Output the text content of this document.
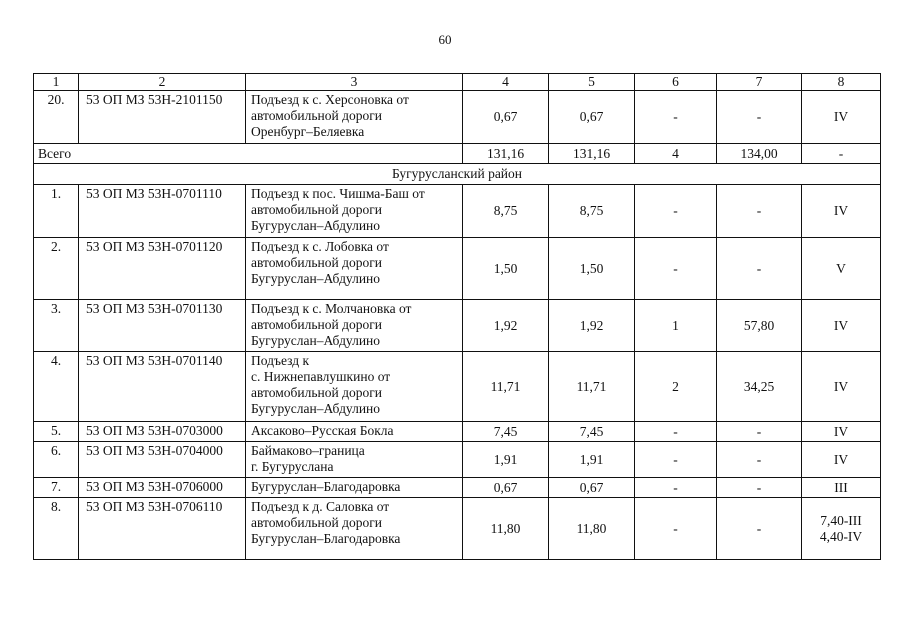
60
1	2	3	4	5	6	7	8
20.	53 ОП МЗ 53Н-2101150	Подъезд к с. Херсоновка от
автомобильной дороги
Оренбург–Беляевка	0,67	0,67	-	-	IV
Всего			131,16	131,16	4	134,00	-
Бугурусланский район							
1.	53 ОП МЗ 53Н-0701110	Подъезд к пос. Чишма-Баш от
автомобильной дороги
Бугуруслан–Абдулино	8,75	8,75	-	-	IV
2.	53 ОП МЗ 53Н-0701120	Подъезд к с. Лобовка от
автомобильной дороги
Бугуруслан–Абдулино	1,50	1,50	-	-	V
3.	53 ОП МЗ 53Н-0701130	Подъезд к с. Молчановка от
автомобильной дороги
Бугуруслан–Абдулино	1,92	1,92	1	57,80	IV
4.	53 ОП МЗ 53Н-0701140	Подъезд к
с. Нижнепавлушкино от
автомобильной дороги
Бугуруслан–Абдулино	11,71	11,71	2	34,25	IV
5.	53 ОП МЗ 53Н-0703000	Аксаково–Русская Бокла	7,45	7,45	-	-	IV
6.	53 ОП МЗ 53Н-0704000	Баймаково–граница
г. Бугуруслана	1,91	1,91	-	-	IV
7.	53 ОП МЗ 53Н-0706000	Бугуруслан–Благодаровка	0,67	0,67	-	-	III
8.	53 ОП МЗ 53Н-0706110	Подъезд к д. Саловка от
автомобильной дороги
Бугуруслан–Благодаровка	11,80	11,80	-	-	7,40-III
4,40-IV
